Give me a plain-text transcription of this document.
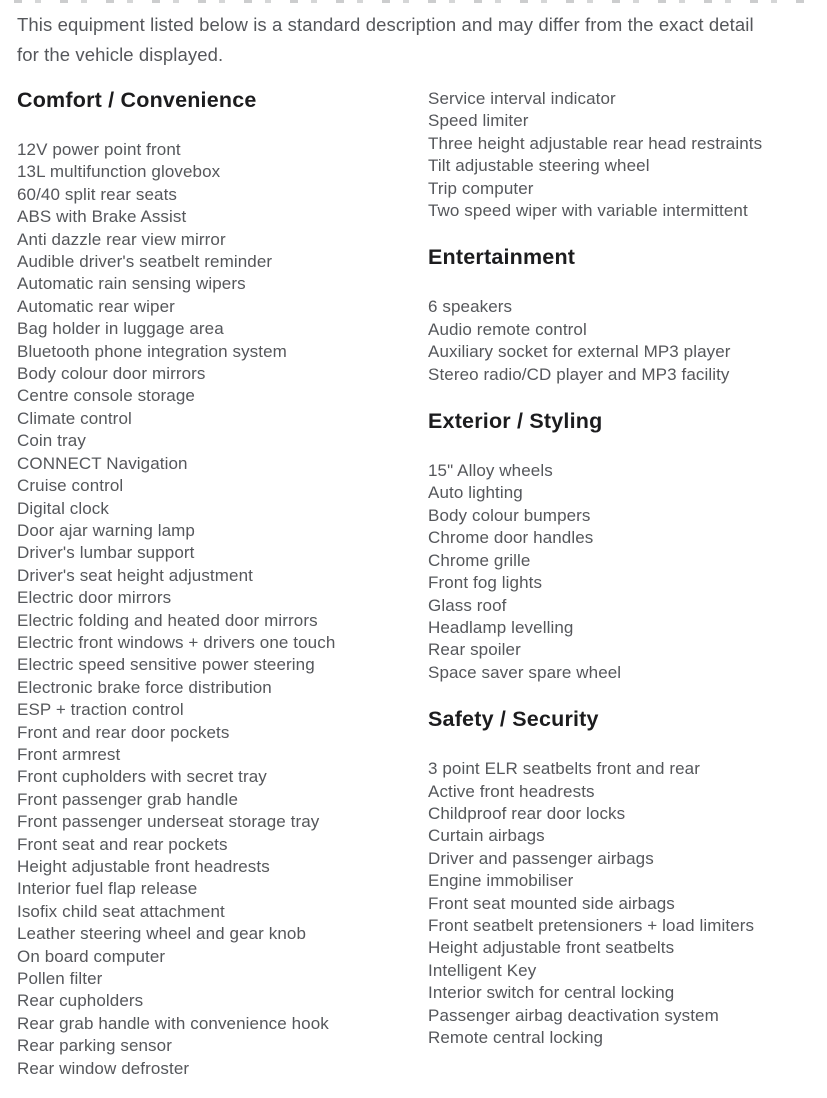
This equipment listed below is a standard description and may differ from the exact detail
for the vehicle displayed.

Comfort / Convenience
12V power point front
13L multifunction glovebox
60/40 split rear seats
ABS with Brake Assist
Anti dazzle rear view mirror
Audible driver's seatbelt reminder
Automatic rain sensing wipers
Automatic rear wiper
Bag holder in luggage area
Bluetooth phone integration system
Body colour door mirrors
Centre console storage
Climate control
Coin tray
CONNECT Navigation
Cruise control
Digital clock
Door ajar warning lamp
Driver's lumbar support
Driver's seat height adjustment
Electric door mirrors
Electric folding and heated door mirrors
Electric front windows + drivers one touch
Electric speed sensitive power steering
Electronic brake force distribution
ESP + traction control
Front and rear door pockets
Front armrest
Front cupholders with secret tray
Front passenger grab handle
Front passenger underseat storage tray
Front seat and rear pockets
Height adjustable front headrests
Interior fuel flap release
Isofix child seat attachment
Leather steering wheel and gear knob
On board computer
Pollen filter
Rear cupholders
Rear grab handle with convenience hook
Rear parking sensor
Rear window defroster
Service interval indicator
Speed limiter
Three height adjustable rear head restraints
Tilt adjustable steering wheel
Trip computer
Two speed wiper with variable intermittent
Entertainment
6 speakers
Audio remote control
Auxiliary socket for external MP3 player
Stereo radio/CD player and MP3 facility
Exterior / Styling
15" Alloy wheels
Auto lighting
Body colour bumpers
Chrome door handles
Chrome grille
Front fog lights
Glass roof
Headlamp levelling
Rear spoiler
Space saver spare wheel
Safety / Security
3 point ELR seatbelts front and rear
Active front headrests
Childproof rear door locks
Curtain airbags
Driver and passenger airbags
Engine immobiliser
Front seat mounted side airbags
Front seatbelt pretensioners + load limiters
Height adjustable front seatbelts
Intelligent Key
Interior switch for central locking
Passenger airbag deactivation system
Remote central locking
